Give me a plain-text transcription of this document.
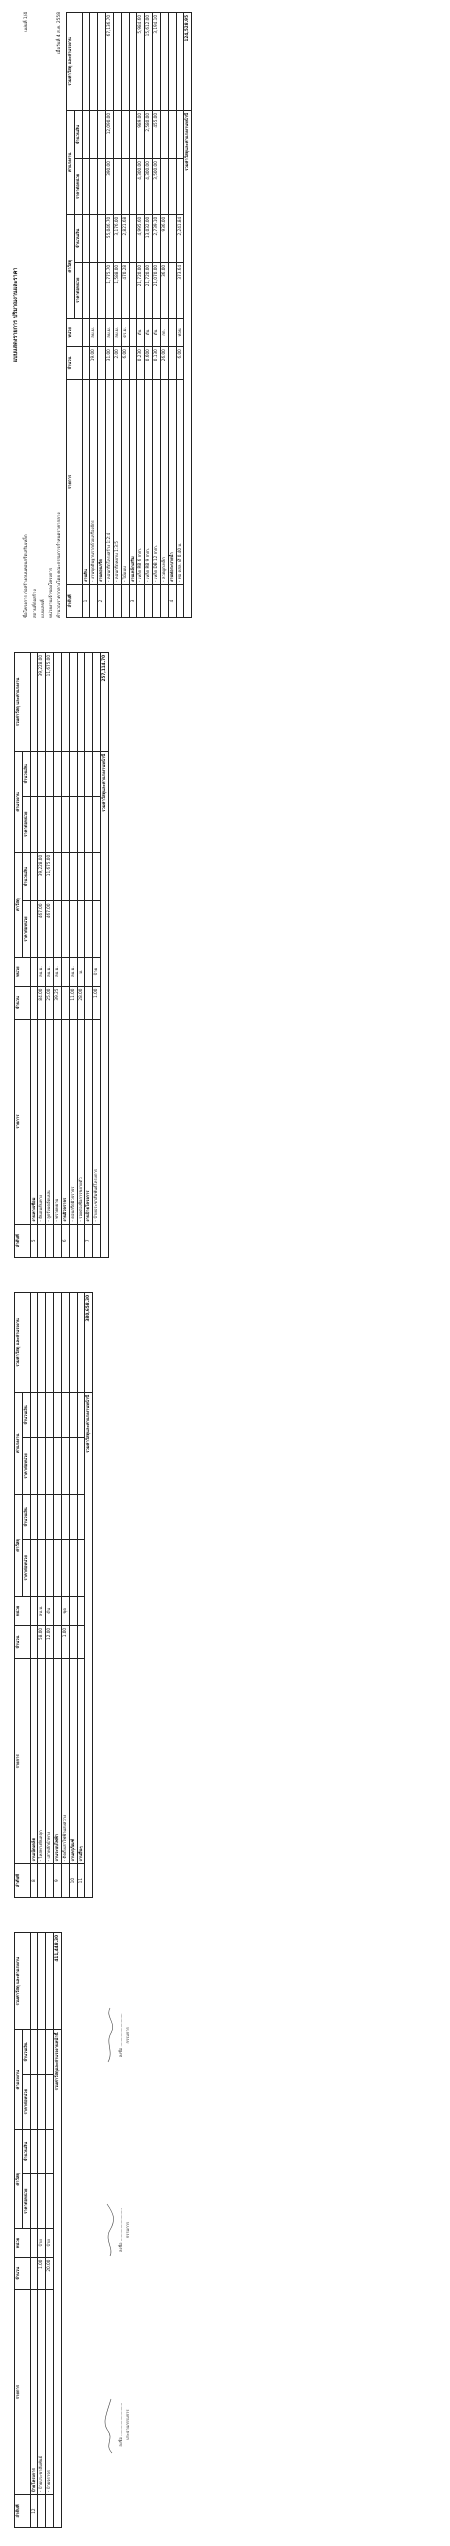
แบบแสดงรายการ ปริมาณงานและราคา
ชื่อโครงการ ก่อสร้างถนนคอนกรีตเสริมเหล็ก
แผ่นที่ 1/4
สถานที่ก่อสร้าง แบบเลขที่ หน่วยงานเจ้าของโครงการ คำนวณราคากลางโดย คณะกรรมการกำหนดราคากลาง
เมื่อวันที่ 4 ส.ค. 2558
ลำดับที่	รายการ	จำนวน	หน่วย	ค่าวัสดุ		ค่าแรงงาน		รวมค่าวัสดุ และค่าแรงงาน
				ราคาต่อหน่วย	จำนวนเงิน	ราคาต่อหน่วย	จำนวนเงิน	
1	งานดิน							
	- งานขุดดินฐานรากด้วยเครื่องจักร	19.00	ลบ.ม.					
2	งานคอนกรีต							
	- คอนกรีตโครงสร้าง 1:2:4	31.00	ลบ.ม.	1,775.70	55,046.70	390.00	12,090.00	67,136.70
	- คอนกรีตหยาบ 1:3:5	2.00	ลบ.ม.	1,588.00	3,176.00			
	- ไม้แบบ	6.00	ตร.ม.	470.28	2,821.68			
3	งานเหล็กเสริม							
	- เหล็ก RB 6 mm.	0.230	ตัน	21,720.00	4,995.60	4,300.00	989.00	5,984.60
	- เหล็ก RB 9 mm.	0.600	ตัน	21,720.00	13,032.00	4,300.00	2,580.00	15,612.00
	- เหล็ก DB 12 mm.	0.130	ตัน	21,070.00	2,739.10	3,500.00	455.00	3,194.10
	- ลวดผูกเหล็ก	26.00	กก.	36.00	936.00			
4	งานท่อระบายน้ำ							
	- ท่อ คสล. Ø 0.40 ม.	6.00	ท่อน	373.64	2,241.84			
รวมค่าวัสดุและค่าแรงงานหน้านี้								124,528.95
ลำดับที่	รายการ	จำนวน	หน่วย	ค่าวัสดุ		ค่าแรงงาน		รวมค่าวัสดุ และค่าแรงงาน
				ราคาต่อหน่วย	จำนวนเงิน	ราคาต่อหน่วย	จำนวนเงิน	
5	งานทางเชื่อม							
	- ดินถมคันทาง	84.00	ลบ.ม.	467.00	39,228.00			39,228.00
	- ลูกรังบดอัดแน่น	25.00	ลบ.ม.	467.00	11,675.00			11,675.00
	- ทรายหยาบ	39.25	ลบ.ม.					
6	งานผิวจราจร							
	- คอนกรีตผิวจราจร	11.00	ลบ.ม.					
	- รอยต่อเพื่อการขยายตัว	28.00	ม.					
7	งานป้ายโครงการ							
	- ป้ายประชาสัมพันธ์โครงการ	1.00	ป้าย					
รวมค่าวัสดุและค่าแรงงานหน้านี้								257,114.70
ลำดับที่	รายการ	จำนวน	หน่วย	ค่าวัสดุ		ค่าแรงงาน		รวมค่าวัสดุ และค่าแรงงาน
				ราคาต่อหน่วย	จำนวนเงิน	ราคาต่อหน่วย	จำนวนเงิน	
8	งานเบ็ดเตล็ด							
	- ไหล่ทางหินคลุก	58.00	ลบ.ม.					
	- เสาหลักนำทาง	12.00	ต้น					
9	งานระบบไฟฟ้า							
	- ติดตั้งเสาไฟฟ้าแสงสว่าง	1.00	ชุด					
10	งานครุภัณฑ์							
11	งานอื่นๆ							
รวมค่าวัสดุและค่าแรงงานหน้านี้								380,658.30
ลำดับที่	รายการ	จำนวน	หน่วย	ค่าวัสดุ		ค่าแรงงาน		รวมค่าวัสดุ และค่าแรงงาน
				ราคาต่อหน่วย	จำนวนเงิน	ราคาต่อหน่วย	จำนวนเงิน	
12	ป้ายโครงการ							
	- ป้ายประชาสัมพันธ์	1.00	ป้าย					
	- ป้ายจราจร	20.00	ป้าย					
รวมค่าวัสดุและค่าแรงงานหน้านี้								411,448.30
ลงชื่อ .......................... ประธานกรรมการ
ลงชื่อ .......................... กรรมการ
ลงชื่อ .......................... กรรมการ
